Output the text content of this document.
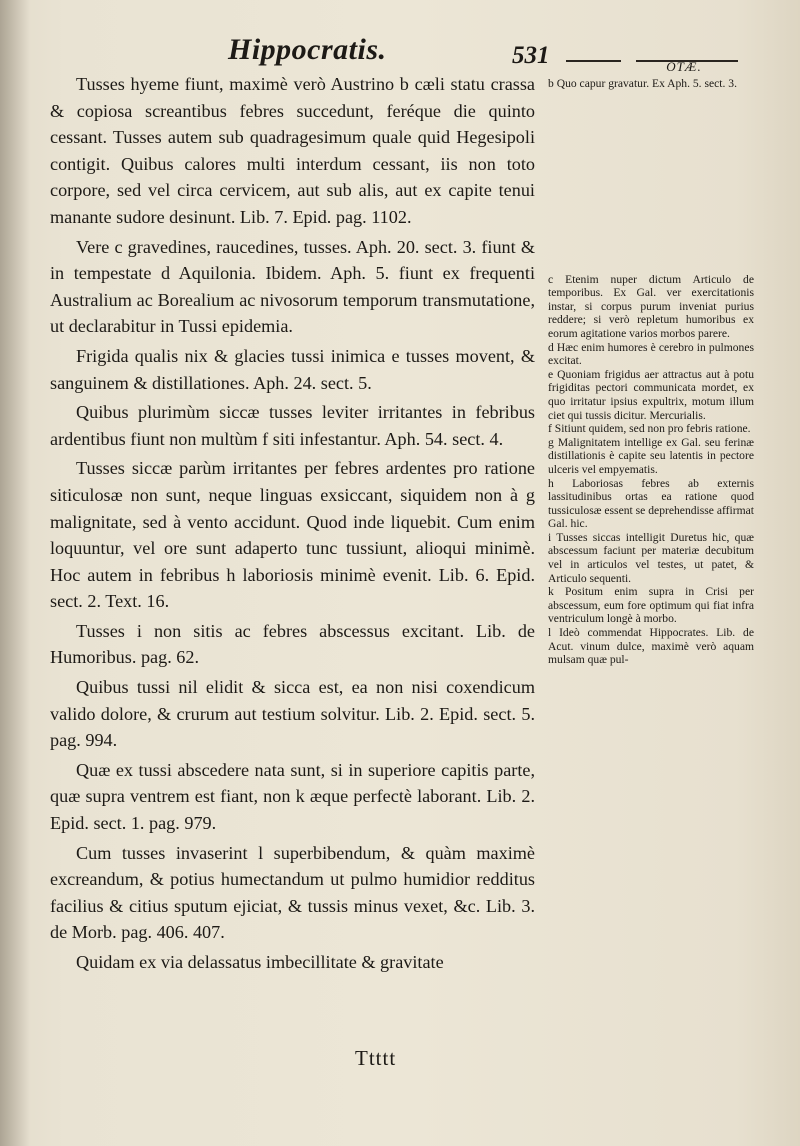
Hippocratis.	531	OTÆ.

Tusses hyeme fiunt, maximè verò Austrino b cæli statu crassa & copiosa screantibus febres succedunt, feréque die quinto cessant. Tusses autem sub quadragesimum quale quid Hegesipoli contigit. Quibus calores multi interdum cessant, iis non toto corpore, sed vel circa cervicem, aut sub alis, aut ex capite tenui manante sudore desinunt. Lib. 7. Epid. pag. 1102.

Vere c gravedines, raucedines, tusses. Aph. 20. sect. 3. fiunt & in tempestate d Aquilonia. Ibidem. Aph. 5. fiunt ex frequenti Australium ac Borealium ac nivosorum temporum transmutatione, ut declarabitur in Tussi epidemia.

Frigida qualis nix & glacies tussi inimica e tusses movent, & sanguinem & distillationes. Aph. 24. sect. 5.

Quibus plurimùm siccæ tusses leviter irritantes in febribus ardentibus fiunt non multùm f siti infestantur. Aph. 54. sect. 4.

Tusses siccæ parùm irritantes per febres ardentes pro ratione siticulosæ non sunt, neque linguas exsiccant, siquidem non à g malignitate, sed à vento accidunt. Quod inde liquebit. Cum enim loquuntur, vel ore sunt adaperto tunc tussiunt, alioqui minimè. Hoc autem in febribus h laboriosis minimè evenit. Lib. 6. Epid. sect. 2. Text. 16.

Tusses i non sitis ac febres abscessus excitant. Lib. de Humoribus. pag. 62.

Quibus tussi nil elidit & sicca est, ea non nisi coxendicum valido dolore, & crurum aut testium solvitur. Lib. 2. Epid. sect. 5. pag. 994.

Quæ ex tussi abscedere nata sunt, si in superiore capitis parte, quæ supra ventrem est fiant, non k æque perfectè laborant. Lib. 2. Epid. sect. 1. pag. 979.

Cum tusses invaserint l superbibendum, & quàm maximè excreandum, & potius humectandum ut pulmo humidior redditus facilius & citius sputum ejiciat, & tussis minus vexet, &c. Lib. 3. de Morb. pag. 406. 407.

Quidam ex via delassatus imbecillitate & gravitate

b Quo capur gravatur. Ex Aph. 5. sect. 3.

c Etenim nuper dictum Articulo de temporibus. Ex Gal. ver exercitationis instar, si corpus purum inveniat purius reddere; si verò repletum humoribus ex eorum agitatione varios morbos parere.

d Hæc enim humores è cerebro in pulmones excitat.

e Quoniam frigidus aer attractus aut à potu frigiditas pectori communicata mordet, ex quo irritatur ipsius expultrix, motum illum ciet qui tussis dicitur. Mercurialis.

f Sitiunt quidem, sed non pro febris ratione.

g Malignitatem intellige ex Gal. seu ferinæ distillationis è capite seu latentis in pectore ulceris vel empyematis.

h Laboriosas febres ab externis lassitudinibus ortas ea ratione quod tussiculosæ essent se deprehendisse affirmat Gal. hic.

i Tusses siccas intelligit Duretus hic, quæ abscessum faciunt per materiæ decubitum vel in articulos vel testes, ut patet, & Articulo sequenti.

k Positum enim supra in Crisi per abscessum, eum fore optimum qui fiat infra ventriculum longè à morbo.

l Ideò commendat Hippocrates. Lib. de Acut. vinum dulce, maximè verò aquam mulsam quæ pul-

Ttttt
